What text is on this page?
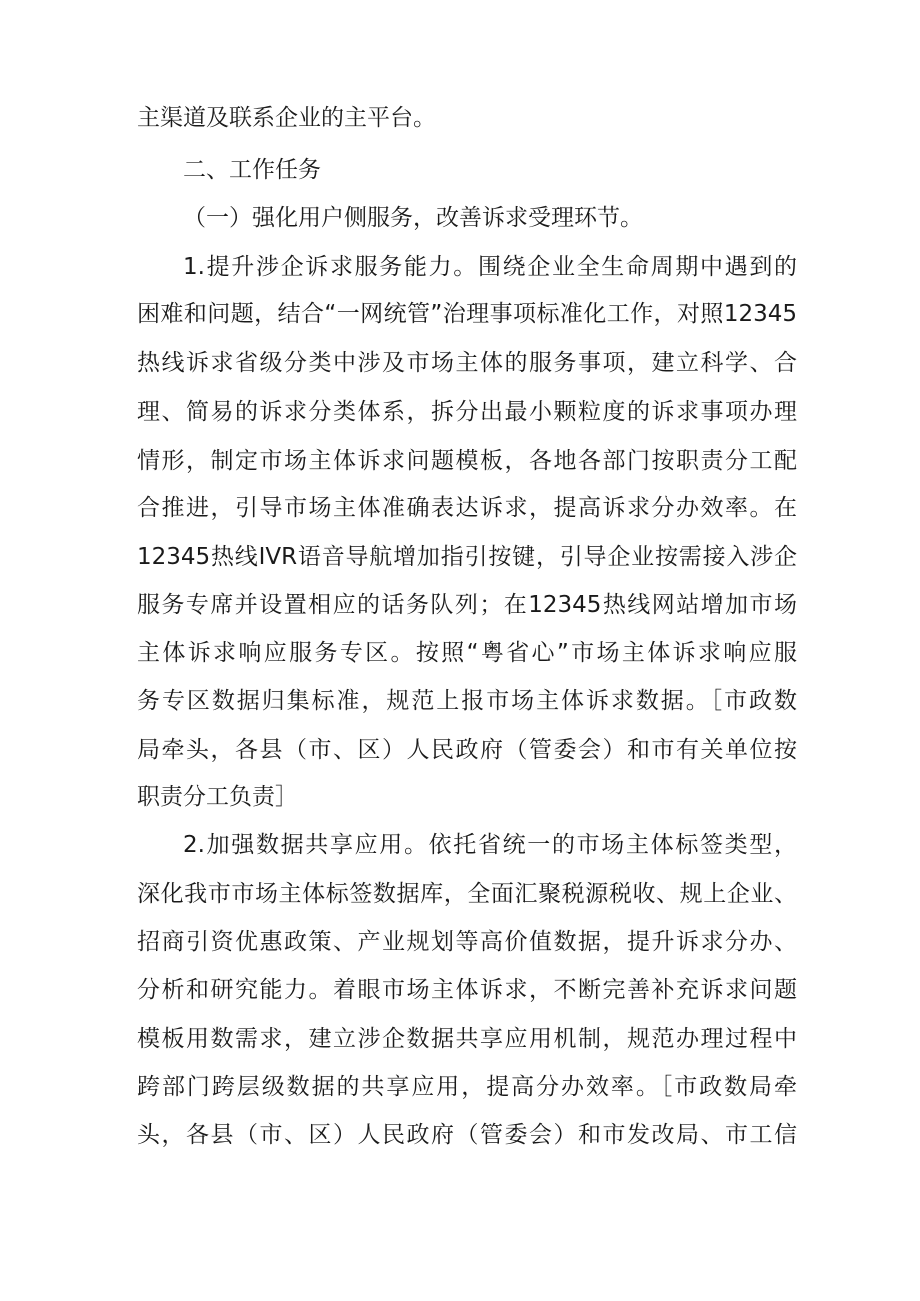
主渠道及联系企业的主平台。
二、工作任务
（一）强化用户侧服务，改善诉求受理环节。
1.提升涉企诉求服务能力。围绕企业全生命周期中遇到的
困难和问题，结合“一网统管”治理事项标准化工作，对照12345
热线诉求省级分类中涉及市场主体的服务事项，建立科学、合
理、简易的诉求分类体系，拆分出最小颗粒度的诉求事项办理
情形，制定市场主体诉求问题模板，各地各部门按职责分工配
合推进，引导市场主体准确表达诉求，提高诉求分办效率。在
12345热线IVR语音导航增加指引按键，引导企业按需接入涉企
服务专席并设置相应的话务队列；在12345热线网站增加市场
主体诉求响应服务专区。按照“粤省心”市场主体诉求响应服
务专区数据归集标准，规范上报市场主体诉求数据。［市政数
局牵头，各县（市、区）人民政府（管委会）和市有关单位按
职责分工负责］
2.加强数据共享应用。依托省统一的市场主体标签类型，
深化我市市场主体标签数据库，全面汇聚税源税收、规上企业、
招商引资优惠政策、产业规划等高价值数据，提升诉求分办、
分析和研究能力。着眼市场主体诉求，不断完善补充诉求问题
模板用数需求，建立涉企数据共享应用机制，规范办理过程中
跨部门跨层级数据的共享应用，提高分办效率。［市政数局牵
头，各县（市、区）人民政府（管委会）和市发改局、市工信
